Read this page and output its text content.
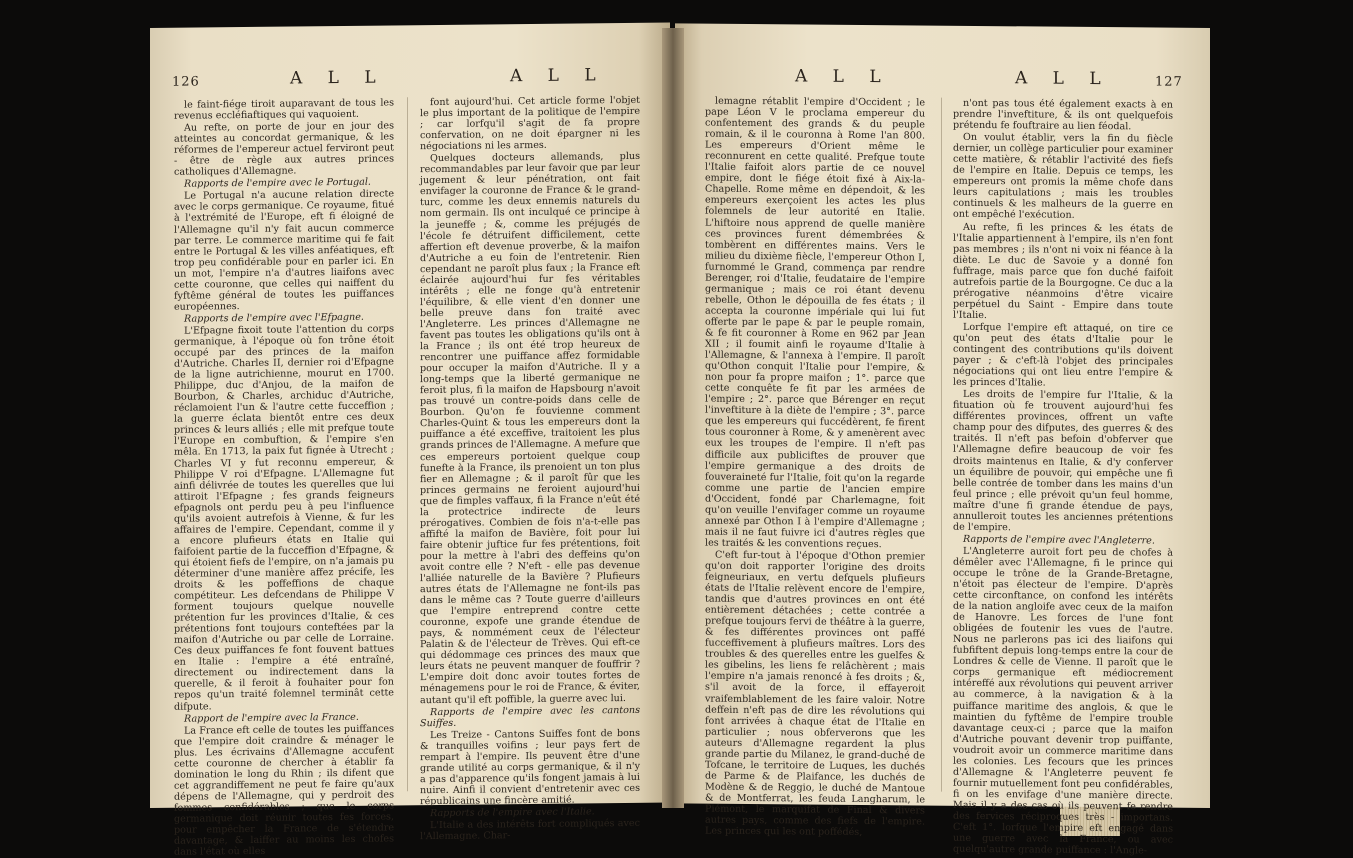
126	A L L	A L L

le faint-fiége tiroit auparavant de tous les revenus eccléfiaftiques qui vaquoient.

Au refte, on porte de jour en jour des atteintes au concordat germanique, & les réformes de l'empereur actuel ferviront peut - être de règle aux autres princes catholiques d'Allemagne.

Rapports de l'empire avec le Portugal.

Le Portugal n'a aucune relation directe avec le corps germanique. Ce royaume, fitué à l'extrémité de l'Europe, eft fi éloigné de l'Allemagne qu'il n'y fait aucun commerce par terre. Le commerce maritime qui fe fait entre le Portugal & les villes anféatiques, eft trop peu confidérable pour en parler ici. En un mot, l'empire n'a d'autres liaifons avec cette couronne, que celles qui naiffent du fyftême général de toutes les puiffances européennes.

Rapports de l'empire avec l'Efpagne.

L'Efpagne fixoit toute l'attention du corps germanique, à l'époque où fon trône étoit occupé par des princes de la maifon d'Autriche. Charles II, dernier roi d'Efpagne de la ligne autrichienne, mourut en 1700. Philippe, duc d'Anjou, de la maifon de Bourbon, & Charles, archiduc d'Autriche, réclamoient l'un & l'autre cette fucceffion ; la guerre éclata bientôt entre ces deux princes & leurs alliés ; elle mit prefque toute l'Europe en combuftion, & l'empire s'en mêla. En 1713, la paix fut fignée à Utrecht ; Charles VI y fut reconnu empereur, & Philippe V roi d'Efpagne. L'Allemagne fut ainfi délivrée de toutes les querelles que lui attiroit l'Efpagne ; fes grands feigneurs efpagnols ont perdu peu à peu l'influence qu'ils avoient autrefois à Vienne, & fur les affaires de l'empire. Cependant, comme il y a encore plufieurs états en Italie qui faifoient partie de la fucceffion d'Efpagne, & qui étoient fiefs de l'empire, on n'a jamais pu déterminer d'une manière affez précife, les droits & les poffeffions de chaque compétiteur. Les defcendans de Philippe V forment toujours quelque nouvelle prétention fur les provinces d'Italie, & ces prétentions font toujours conteftées par la maifon d'Autriche ou par celle de Lorraine. Ces deux puiffances fe font fouvent battues en Italie : l'empire a été entraîné, directement ou indirectement dans la querelle, & il feroit à fouhaiter pour fon repos qu'un traité folemnel terminât cette difpute.

Rapport de l'empire avec la France.

La France eft celle de toutes les puiffances que l'empire doit craindre & ménager le plus. Les écrivains d'Allemagne accufent cette couronne de chercher à établir fa domination le long du Rhin ; ils difent que cet aggrandiffement ne peut fe faire qu'aux dépens de l'Allemagne, qui y perdroit des fommes confidérables ; que le corps germanique doit réunir toutes fes forces, pour empêcher la France de s'étendre davantage, & laiffer au moins les chofes dans l'état où elles

font aujourd'hui. Cet article forme l'objet le plus important de la politique de l'empire ; car lorfqu'il s'agit de fa propre confervation, on ne doit épargner ni les négociations ni les armes.

Quelques docteurs allemands, plus recommandables par leur favoir que par leur jugement & leur pénétration, ont fait envifager la couronne de France & le grand-turc, comme les deux ennemis naturels du nom germain. Ils ont inculqué ce principe à la jeuneffe ; &, comme les préjugés de l'école fe détruifent difficilement, cette affertion eft devenue proverbe, & la maifon d'Autriche a eu foin de l'entretenir. Rien cependant ne paroît plus faux ; la France eft éclairée aujourd'hui fur fes véritables intérêts ; elle ne fonge qu'à entretenir l'équilibre, & elle vient d'en donner une belle preuve dans fon traité avec l'Angleterre. Les princes d'Allemagne ne favent pas toutes les obligations qu'ils ont à la France ; ils ont été trop heureux de rencontrer une puiffance affez formidable pour occuper la maifon d'Autriche. Il y a long-temps que la liberté germanique ne feroit plus, fi la maifon de Hapsbourg n'avoit pas trouvé un contre-poids dans celle de Bourbon. Qu'on fe fouvienne comment Charles-Quint & tous les empereurs dont la puiffance a été exceffive, traitoient les plus grands princes de l'Allemagne. A mefure que ces empereurs portoient quelque coup funefte à la France, ils prenoient un ton plus fier en Allemagne ; & il paroît fûr que les princes germains ne feroient aujourd'hui que de fimples vaffaux, fi la France n'eût été la protectrice indirecte de leurs prérogatives. Combien de fois n'a-t-elle pas affifté la maifon de Bavière, foit pour lui faire obtenir juftice fur fes prétentions, foit pour la mettre à l'abri des deffeins qu'on avoit contre elle ? N'eft - elle pas devenue l'alliée naturelle de la Bavière ? Plufieurs autres états de l'Allemagne ne font-ils pas dans le même cas ? Toute guerre d'ailleurs que l'empire entreprend contre cette couronne, expofe une grande étendue de pays, & nommément ceux de l'électeur Palatin & de l'électeur de Trèves. Qui eft-ce qui dédommage ces princes des maux que leurs états ne peuvent manquer de fouffrir ? L'empire doit donc avoir toutes fortes de ménagemens pour le roi de France, & éviter, autant qu'il eft poffible, la guerre avec lui.

Rapports de l'empire avec les cantons Suiffes.

Les Treize - Cantons Suiffes font de bons & tranquilles voifins ; leur pays fert de rempart à l'empire. Ils peuvent être d'une grande utilité au corps germanique, & il n'y a pas d'apparence qu'ils fongent jamais à lui nuire. Ainfi il convient d'entretenir avec ces républicains une fincère amitié.

Rapports de l'empire avec l'Italie.

L'Italie a des intérêts fort compliqués avec l'Allemagne. Char-

A L L	A L L	127

lemagne rétablit l'empire d'Occident ; le pape Léon V le proclama empereur du confentement des grands & du peuple romain, & il le couronna à Rome l'an 800. Les empereurs d'Orient même le reconnurent en cette qualité. Prefque toute l'Italie faifoit alors partie de ce nouvel empire, dont le fiége étoit fixé à Aix-la-Chapelle. Rome même en dépendoit, & les empereurs exerçoient les actes les plus folemnels de leur autorité en Italie. L'hiftoire nous apprend de quelle manière ces provinces furent démembrées & tombèrent en différentes mains. Vers le milieu du dixième fiècle, l'empereur Othon I, furnommé le Grand, commença par rendre Berenger, roi d'Italie, feudataire de l'empire germanique ; mais ce roi étant devenu rebelle, Othon le dépouilla de fes états ; il accepta la couronne impériale qui lui fut offerte par le pape & par le peuple romain, & fe fit couronner à Rome en 962 par Jean XII ; il foumit ainfi le royaume d'Italie à l'Allemagne, & l'annexa à l'empire. Il paroît qu'Othon conquit l'Italie pour l'empire, & non pour fa propre maifon ; 1°. parce que cette conquête fe fit par les armées de l'empire ; 2°. parce que Bérenger en reçut l'inveftiture à la diète de l'empire ; 3°. parce que les empereurs qui fuccédèrent, fe firent tous couronner à Rome, & y amenèrent avec eux les troupes de l'empire. Il n'eft pas difficile aux publiciftes de prouver que l'empire germanique a des droits de fouveraineté fur l'Italie, foit qu'on la regarde comme une partie de l'ancien empire d'Occident, fondé par Charlemagne, foit qu'on veuille l'envifager comme un royaume annexé par Othon I à l'empire d'Allemagne ; mais il ne faut fuivre ici d'autres règles que les traités & les conventions reçues.

C'eft fur-tout à l'époque d'Othon premier qu'on doit rapporter l'origine des droits feigneuriaux, en vertu defquels plufieurs états de l'Italie relèvent encore de l'empire, tandis que d'autres provinces en ont été entièrement détachées ; cette contrée a prefque toujours fervi de théâtre à la guerre, & fes différentes provinces ont paffé fucceffivement à plufieurs maîtres. Lors des troubles & des querelles entre les guelfes & les gibelins, les liens fe relâchèrent ; mais l'empire n'a jamais renoncé à fes droits ; &, s'il avoit de la force, il effayeroit vraifemblablement de les faire valoir. Notre deffein n'eft pas de dire les révolutions qui font arrivées à chaque état de l'Italie en particulier ; nous obferverons que les auteurs d'Allemagne regardent la plus grande partie du Milanez, le grand-duché de Tofcane, le territoire de Luques, les duchés de Parme & de Plaifance, les duchés de Modène & de Reggio, le duché de Mantoue & de Montferrat, les feuda Langharum, le Piémont, le marquifat de Final & divers autres pays, comme des fiefs de l'empire. Les princes qui les ont poffédés,

n'ont pas tous été également exacts à en prendre l'inveftiture, & ils ont quelquefois prétendu fe fouftraire au lien féodal.

On voulut établir, vers la fin du fiècle dernier, un collège particulier pour examiner cette matière, & rétablir l'activité des fiefs de l'empire en Italie. Depuis ce temps, les empereurs ont promis la même chofe dans leurs capitulations ; mais les troubles continuels & les malheurs de la guerre en ont empêché l'exécution.

Au refte, fi les princes & les états de l'Italie appartiennent à l'empire, ils n'en font pas membres ; ils n'ont ni voix ni féance à la diète. Le duc de Savoie y a donné fon fuffrage, mais parce que fon duché faifoit autrefois partie de la Bourgogne. Ce duc a la prérogative néanmoins d'être vicaire perpétuel du Saint - Empire dans toute l'Italie.

Lorfque l'empire eft attaqué, on tire ce qu'on peut des états d'Italie pour le contingent des contributions qu'ils doivent payer ; & c'eft-là l'objet des principales négociations qui ont lieu entre l'empire & les princes d'Italie.

Les droits de l'empire fur l'Italie, & la fituation où fe trouvent aujourd'hui fes différentes provinces, offrent un vafte champ pour des difputes, des guerres & des traités. Il n'eft pas befoin d'obferver que l'Allemagne defire beaucoup de voir fes droits maintenus en Italie, & d'y conferver un équilibre de pouvoir, qui empêche une fi belle contrée de tomber dans les mains d'un feul prince ; elle prévoit qu'un feul homme, maître d'une fi grande étendue de pays, annulleroit toutes les anciennes prétentions de l'empire.

Rapports de l'empire avec l'Angleterre.

L'Angleterre auroit fort peu de chofes à démêler avec l'Allemagne, fi le prince qui occupe le trône de la Grande-Bretagne, n'étoit pas électeur de l'empire. D'après cette circonftance, on confond les intérêts de la nation angloife avec ceux de la maifon de Hanovre. Les forces de l'une font obligées de foutenir les vues de l'autre. Nous ne parlerons pas ici des liaifons qui fubfiftent depuis long-temps entre la cour de Londres & celle de Vienne. Il paroît que le corps germanique eft médiocrement intéreffé aux révolutions qui peuvent arriver au commerce, à la navigation & à la puiffance maritime des anglois, & que le maintien du fyftême de l'empire trouble davantage ceux-ci ; parce que la maifon d'Autriche pouvant devenir trop puiffante, voudroit avoir un commerce maritime dans les colonies. Les fecours que les princes d'Allemagne & l'Angleterre peuvent fe fournir mutuellement font peu confidérables, fi on les envifage d'une manière directe. Mais il y a des cas où ils peuvent fe rendre des fervices réciproques très - importans. C'eft 1°. lorfque l'empire eft engagé dans une guerre avec la France, ou avec quelqu'autre grande puiffance : l'Angle-
